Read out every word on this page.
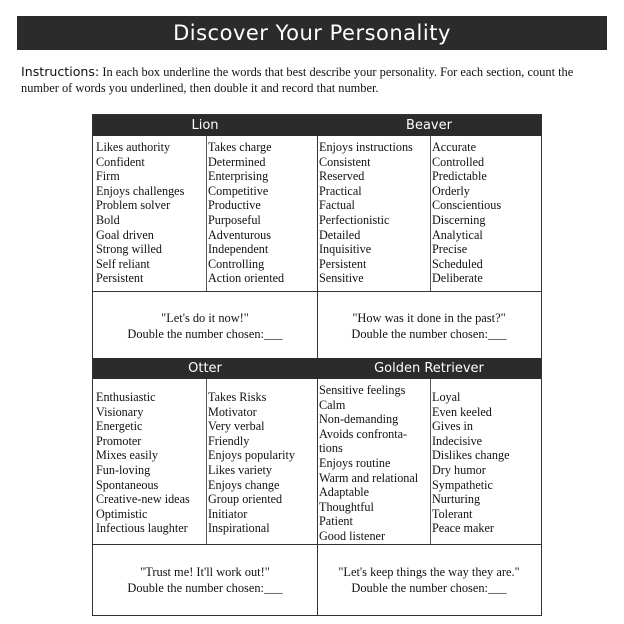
Discover Your Personality
Instructions: In each box underline the words that best describe your personality. For each section, count the number of words you underlined, then double it and record that number.
Lion
Likes authority
Confident
Firm
Enjoys challenges
Problem solver
Bold
Goal driven
Strong willed
Self reliant
Persistent
Takes charge
Determined
Enterprising
Competitive
Productive
Purposeful
Adventurous
Independent
Controlling
Action oriented
Beaver
Enjoys instructions
Consistent
Reserved
Practical
Factual
Perfectionistic
Detailed
Inquisitive
Persistent
Sensitive
Accurate
Controlled
Predictable
Orderly
Conscientious
Discerning
Analytical
Precise
Scheduled
Deliberate
"Let's do it now!"
Double the number chosen:___
"How was it done in the past?"
Double the number chosen:___
Otter
Enthusiastic
Visionary
Energetic
Promoter
Mixes easily
Fun-loving
Spontaneous
Creative-new ideas
Optimistic
Infectious laughter
Takes Risks
Motivator
Very verbal
Friendly
Enjoys popularity
Likes variety
Enjoys change
Group oriented
Initiator
Inspirational
Golden Retriever
Sensitive feelings
Calm
Non-demanding
Avoids confronta-tions
Enjoys routine
Warm and relational
Adaptable
Thoughtful
Patient
Good listener
Loyal
Even keeled
Gives in
Indecisive
Dislikes change
Dry humor
Sympathetic
Nurturing
Tolerant
Peace maker
"Trust me! It'll work out!"
Double the number chosen:___
"Let's keep things the way they are."
Double the number chosen:___
